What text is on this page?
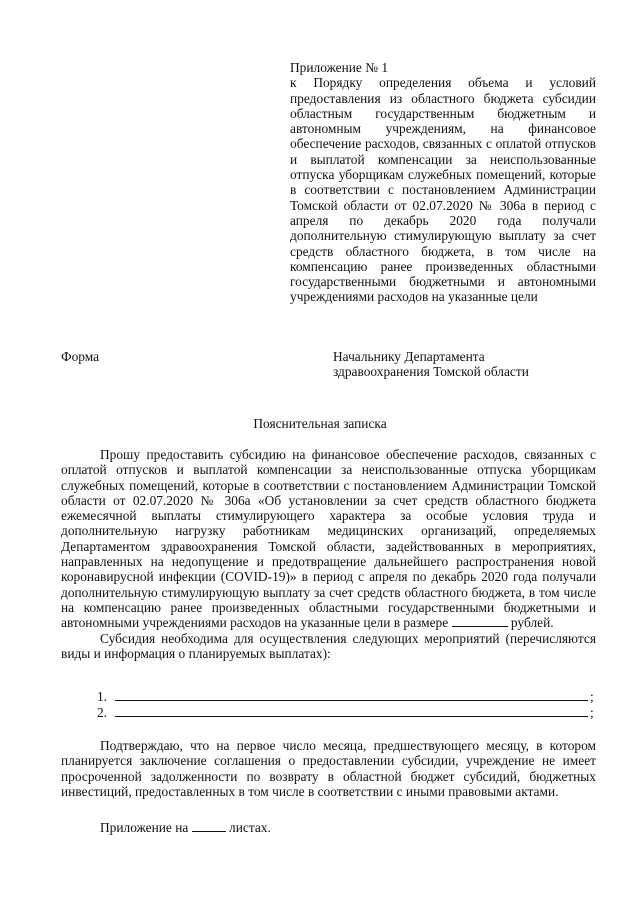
Приложение № 1

к Порядку определения объема и условий предоставления из областного бюджета субсидии областным государственным бюджетным и автономным учреждениям, на финансовое обеспечение расходов, связанных с оплатой отпусков и выплатой компенсации за неиспользованные отпуска уборщикам служебных помещений, которые в соответствии с постановлением Администрации Томской области от 02.07.2020 № 306а в период с апреля по декабрь 2020 года получали дополнительную стимулирующую выплату за счет средств областного бюджета, в том числе на компенсацию ранее произведенных областными государственными бюджетными и автономными учреждениями расходов на указанные цели

Форма	Начальнику Департамента
здравоохранения Томской области
Пояснительная записка

Прошу предоставить субсидию на финансовое обеспечение расходов, связанных с оплатой отпусков и выплатой компенсации за неиспользованные отпуска уборщикам служебных помещений, которые в соответствии с постановлением Администрации Томской области от 02.07.2020 № 306а «Об установлении за счет средств областного бюджета ежемесячной выплаты стимулирующего характера за особые условия труда и дополнительную нагрузку работникам медицинских организаций, определяемых Департаментом здравоохранения Томской области, задействованных в мероприятиях, направленных на недопущение и предотвращение дальнейшего распространения новой коронавирусной инфекции (COVID-19)» в период с апреля по декабрь 2020 года получали дополнительную стимулирующую выплату за счет средств областного бюджета, в том числе на компенсацию ранее произведенных областными государственными бюджетными и автономными учреждениями расходов на указанные цели в размере	рублей.

Субсидия необходима для осуществления следующих мероприятий (перечисляются виды и информация о планируемых выплатах):

1.	;
2.	;

Подтверждаю, что на первое число месяца, предшествующего месяцу, в котором планируется заключение соглашения о предоставлении субсидии, учреждение не имеет просроченной задолженности по возврату в областной бюджет субсидий, бюджетных инвестиций, предоставленных в том числе в соответствии с иными правовыми актами.

Приложение на	листах.
